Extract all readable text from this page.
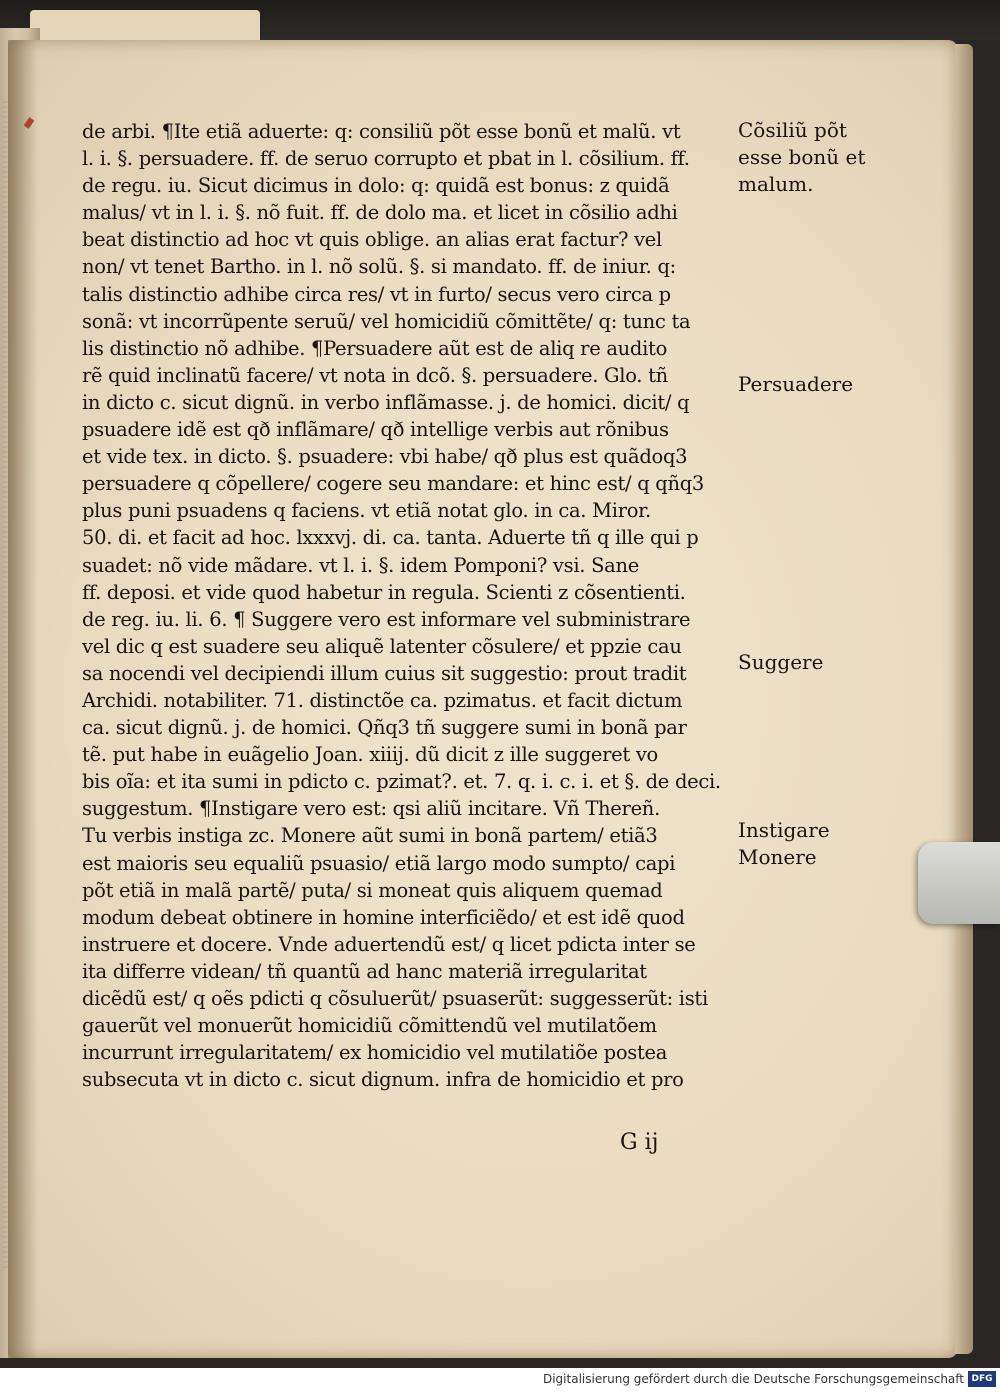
de arbi. ¶Ite etiã aduerte: q: consiliũ põt esse bonũ et malũ. vt
l. i. §. persuadere. ff. de seruo corrupto et pbat in l. cõsilium. ff.
de regu. iu. Sicut dicimus in dolo: q: quidã est bonus: z quidã
malus/ vt in l. i. §. nõ fuit. ff. de dolo ma. et licet in cõsilio adhi
beat distinctio ad hoc vt quis oblige. an alias erat factur? vel
non/ vt tenet Bartho. in l. nõ solũ. §. si mandato. ff. de iniur. q:
talis distinctio adhibe circa res/ vt in furto/ secus vero circa p
sonã: vt incorrũpente seruũ/ vel homicidiũ cõmittẽte/ q: tunc ta
lis distinctio nõ adhibe. ¶Persuadere aũt est de aliq re audito
rẽ quid inclinatũ facere/ vt nota in dcõ. §. persuadere. Glo. tñ
in dicto c. sicut dignũ. in verbo inflãmasse. j. de homici. dicit/ q
psuadere idẽ est qð inflãmare/ qð intellige verbis aut rõnibus
et vide tex. in dicto. §. psuadere: vbi habe/ qð plus est quãdoq3
persuadere q cõpellere/ cogere seu mandare: et hinc est/ q qñq3
plus puni psuadens q faciens. vt etiã notat glo. in ca. Miror.
50. di. et facit ad hoc. lxxxvj. di. ca. tanta. Aduerte tñ q ille qui p
suadet: nõ vide mãdare. vt l. i. §. idem Pomponi? vsi. Sane
ff. deposi. et vide quod habetur in regula. Scienti z cõsentienti.
de reg. iu. li. 6. ¶ Suggere vero est informare vel subministrare
vel dic q est suadere seu aliquẽ latenter cõsulere/ et ppzie cau
sa nocendi vel decipiendi illum cuius sit suggestio: prout tradit
Archidi. notabiliter. 71. distinctõe ca. pzimatus. et facit dictum
ca. sicut dignũ. j. de homici. Qñq3 tñ suggere sumi in bonã par
tẽ. put habe in euãgelio Joan. xiiij. dũ dicit z ille suggeret vo
bis oĩa: et ita sumi in pdicto c. pzimat?. et. 7. q. i. c. i. et §. de deci.
suggestum. ¶Instigare vero est: qsi aliũ incitare. Vñ Thereñ.
Tu verbis instiga zc. Monere aũt sumi in bonã partem/ etiã3
est maioris seu equaliũ psuasio/ etiã largo modo sumpto/ capi
põt etiã in malã partẽ/ puta/ si moneat quis aliquem quemad
modum debeat obtinere in homine interficiẽdo/ et est idẽ quod
instruere et docere. Vnde aduertendũ est/ q licet pdicta inter se
ita differre videan/ tñ quantũ ad hanc materiã irregularitat
dicẽdũ est/ q oẽs pdicti q cõsuluerũt/ psuaserũt: suggesserũt: isti
gauerũt vel monuerũt homicidiũ cõmittendũ vel mutilatõem
incurrunt irregularitatem/ ex homicidio vel mutilatiõe postea
subsecuta vt in dicto c. sicut dignum. infra de homicidio et pro
G ij
Cõsiliũ põt
esse bonũ et
malum.
Persuadere
Suggere
Instigare
Monere
Digitalisierung gefördert durch die Deutsche Forschungsgemeinschaft DFG
